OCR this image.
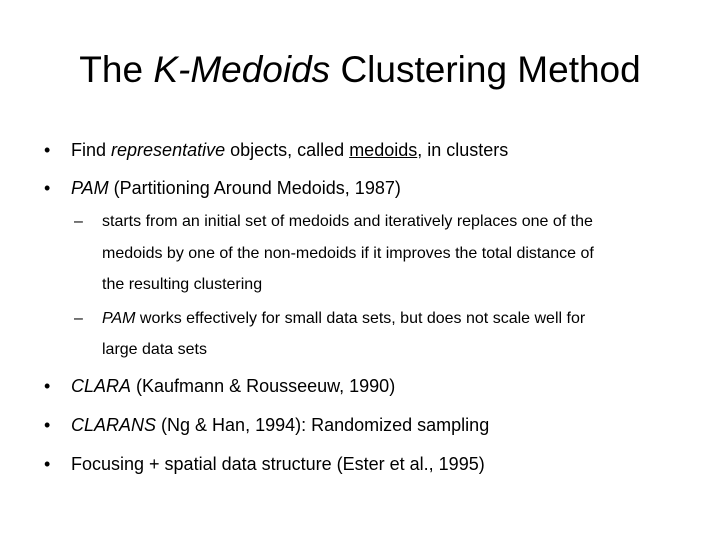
The K-Medoids Clustering Method
• Find representative objects, called medoids, in clusters
• PAM (Partitioning Around Medoids, 1987)
– starts from an initial set of medoids and iteratively replaces one of the
medoids by one of the non-medoids if it improves the total distance of
the resulting clustering
– PAM works effectively for small data sets, but does not scale well for
large data sets
• CLARA (Kaufmann & Rousseeuw, 1990)
• CLARANS (Ng & Han, 1994): Randomized sampling
• Focusing + spatial data structure (Ester et al., 1995)
